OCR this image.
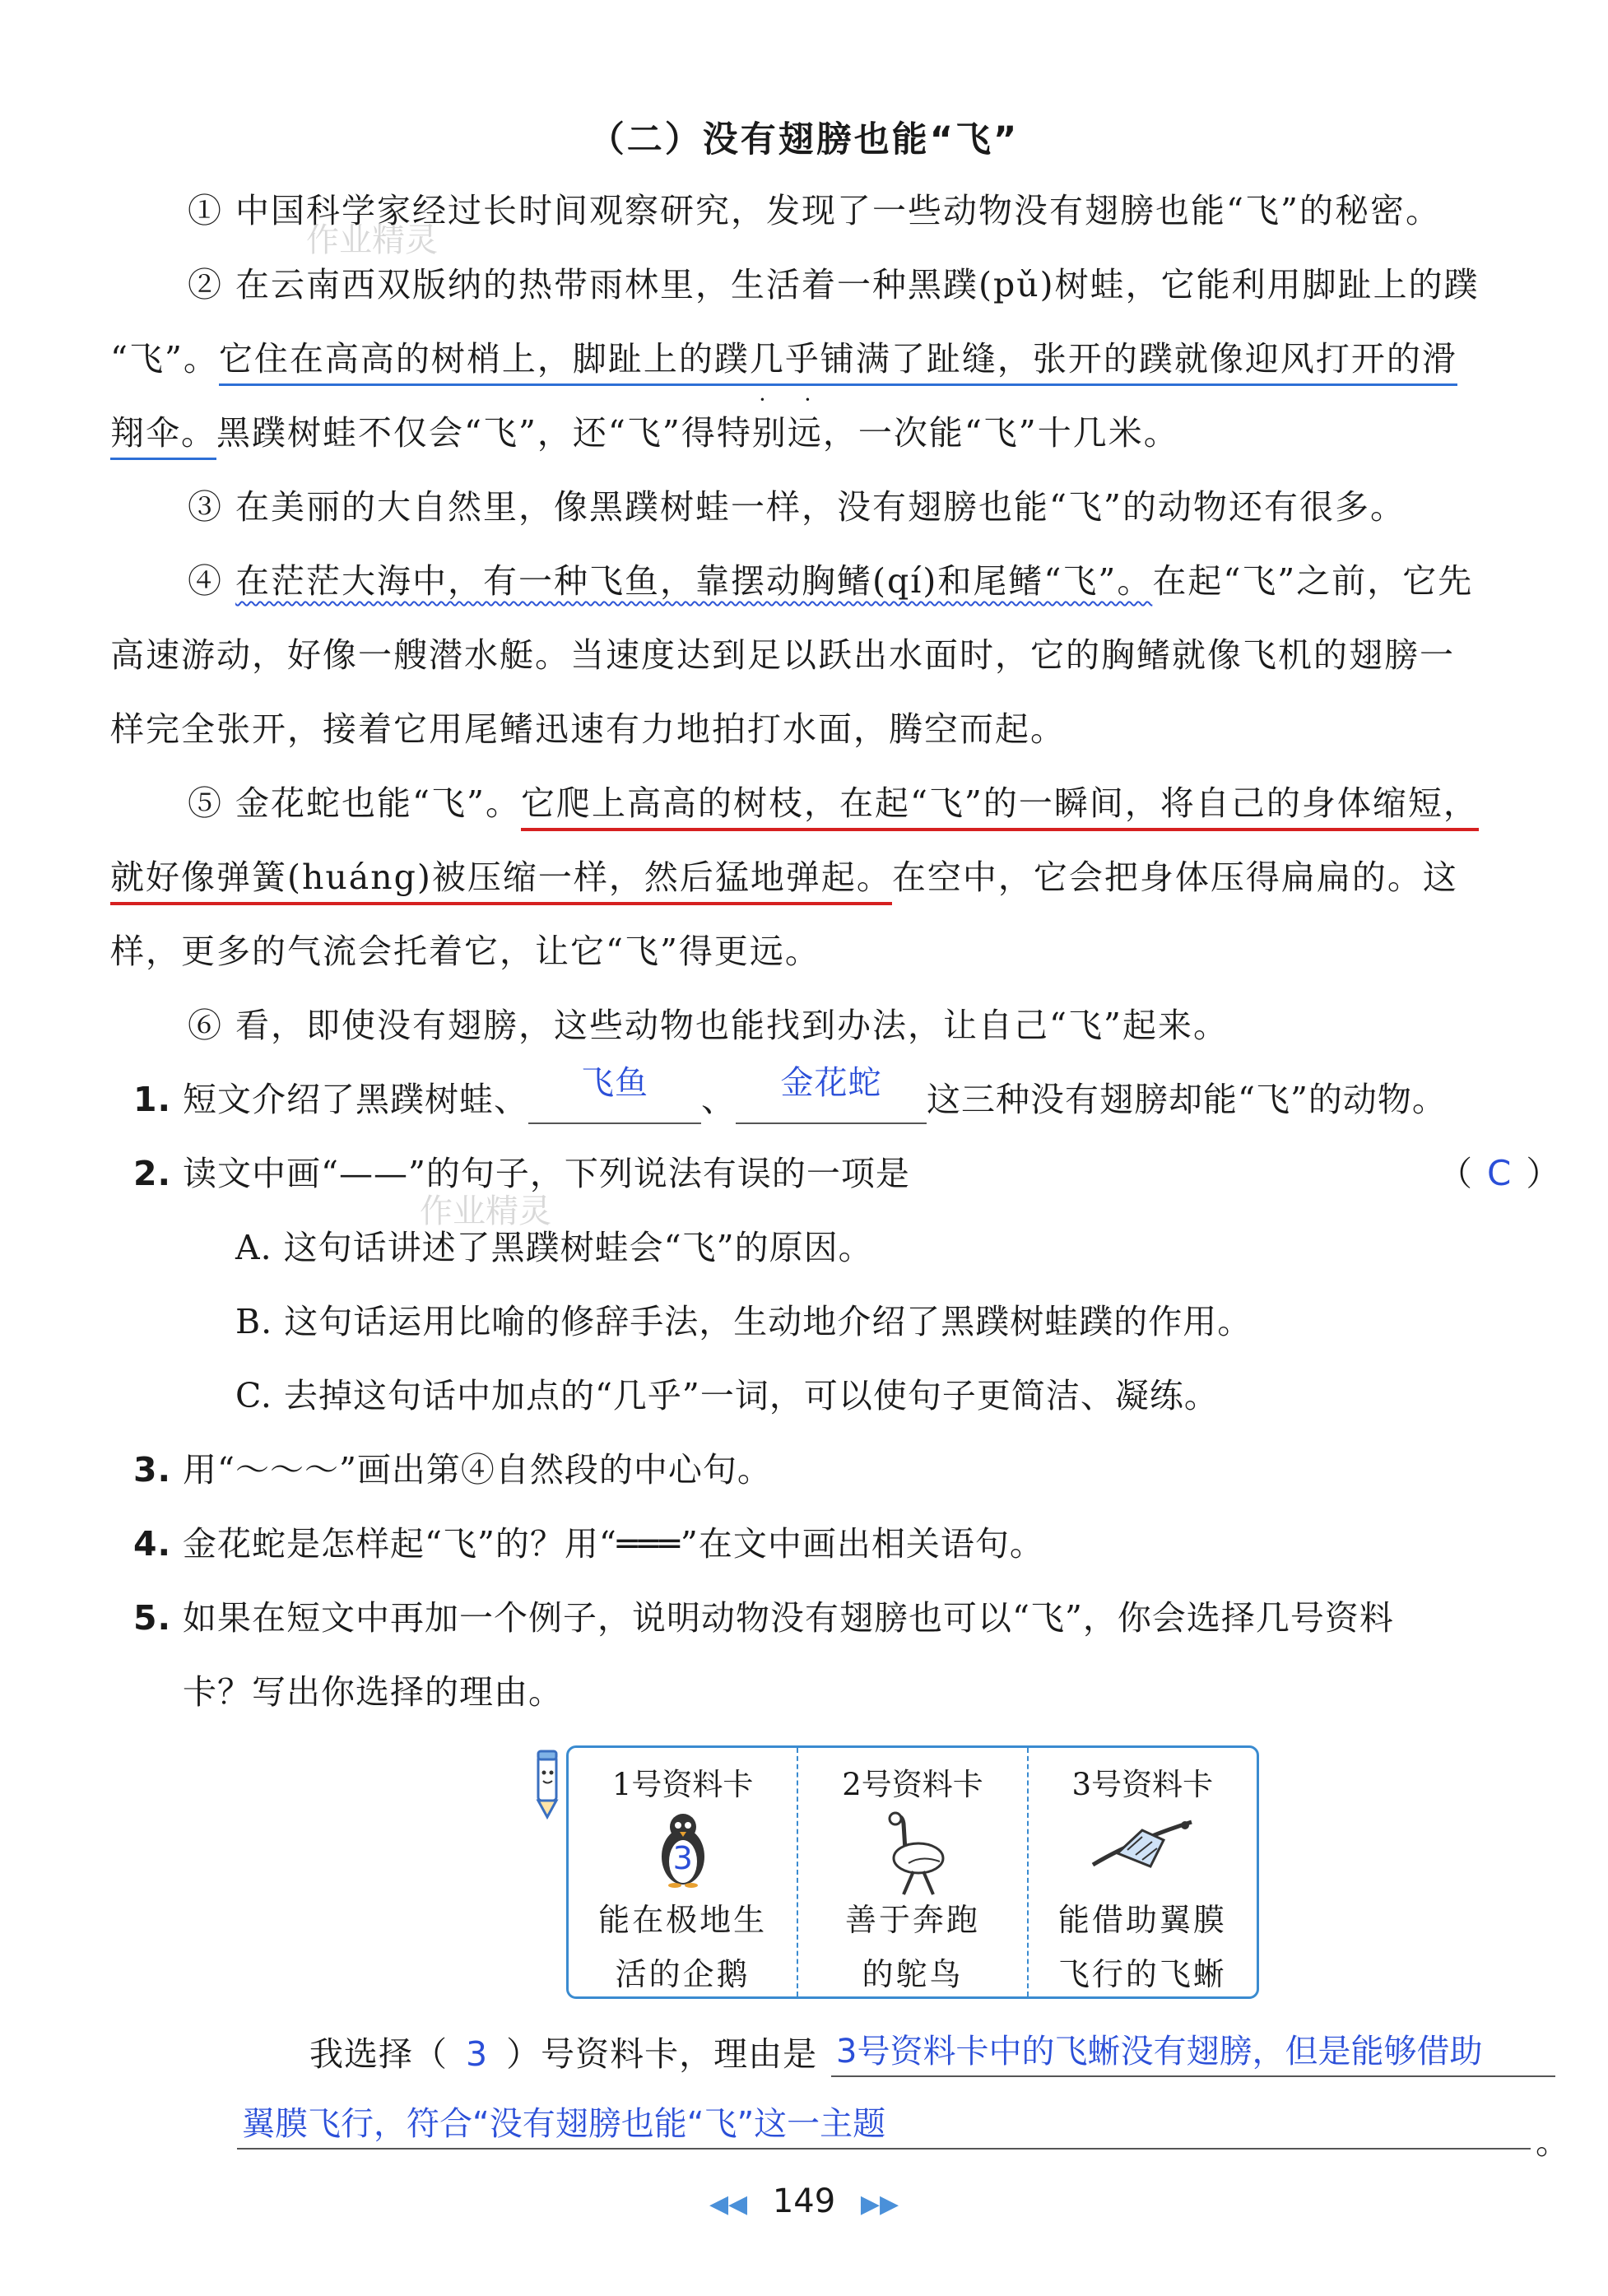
（二）没有翅膀也能“飞”
作业精灵
作业精灵
① 中国科学家经过长时间观察研究，发现了一些动物没有翅膀也能“飞”的秘密。
② 在云南西双版纳的热带雨林里，生活着一种黑蹼(pǔ)树蛙，它能利用脚趾上的蹼
“飞”。它住在高高的树梢上，脚趾上的蹼几乎 • •铺满了趾缝，张开的蹼就像迎风打开的滑
翔伞。黑蹼树蛙不仅会“飞”，还“飞”得特别远，一次能“飞”十几米。
③ 在美丽的大自然里，像黑蹼树蛙一样，没有翅膀也能“飞”的动物还有很多。
④ 在茫茫大海中，有一种飞鱼，靠摆动胸鳍(qí)和尾鳍“飞”。在起“飞”之前，它先
高速游动，好像一艘潜水艇。当速度达到足以跃出水面时，它的胸鳍就像飞机的翅膀一
样完全张开，接着它用尾鳍迅速有力地拍打水面，腾空而起。
⑤ 金花蛇也能“飞”。它爬上高高的树枝，在起“飞”的一瞬间，将自己的身体缩短，
就好像弹簧(huáng)被压缩一样，然后猛地弹起。在空中，它会把身体压得扁扁的。这
样，更多的气流会托着它，让它“飞”得更远。
⑥ 看，即使没有翅膀，这些动物也能找到办法，让自己“飞”起来。
1. 短文介绍了黑蹼树蛙、	飞鱼	、	金花蛇	这三种没有翅膀却能“飞”的动物。
2. 读文中画“——”的句子，下列说法有误的一项是	（ C ）
A. 这句话讲述了黑蹼树蛙会“飞”的原因。
B. 这句话运用比喻的修辞手法，生动地介绍了黑蹼树蛙蹼的作用。
C. 去掉这句话中加点的“几乎”一词，可以使句子更简洁、凝练。
3. 用“～～～”画出第④自然段的中心句。
4. 金花蛇是怎样起“飞”的？用“═══”在文中画出相关语句。
5. 如果在短文中再加一个例子，说明动物没有翅膀也可以“飞”，你会选择几号资料
卡？写出你选择的理由。
1号资料卡
3
能在极地生
活的企鹅
2号资料卡
善于奔跑
的鸵鸟
3号资料卡
能借助翼膜
飞行的飞蜥
我选择（ 3 ）号资料卡，理由是 3号资料卡中的飞蜥没有翅膀，但是能够借助
翼膜飞行，符合“没有翅膀也能“飞”这一主题	。
◀◀ 149 ▶▶
